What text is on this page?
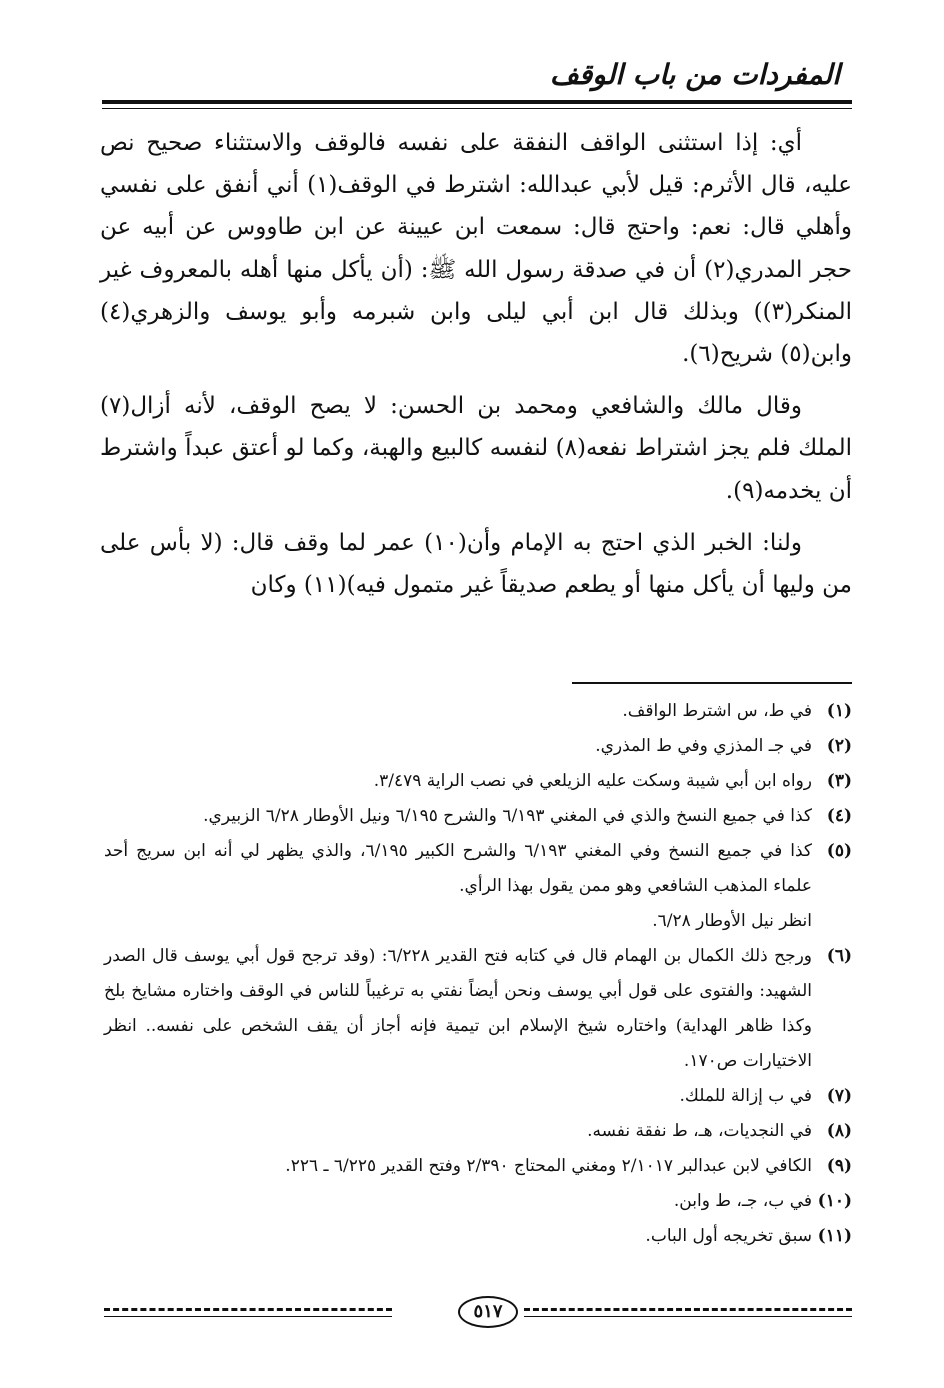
المفردات من باب الوقف

أي: إذا استثنى الواقف النفقة على نفسه فالوقف والاستثناء صحيح نص عليه، قال الأثرم: قيل لأبي عبدالله: اشترط في الوقف(١) أني أنفق على نفسي وأهلي قال: نعم: واحتج قال: سمعت ابن عيينة عن ابن طاووس عن أبيه عن حجر المدري(٢) أن في صدقة رسول الله ﷺ: (أن يأكل منها أهله بالمعروف غير المنكر(٣)) وبذلك قال ابن أبي ليلى وابن شبرمه وأبو يوسف والزهري(٤) وابن(٥) شريح(٦).

وقال مالك والشافعي ومحمد بن الحسن: لا يصح الوقف، لأنه أزال(٧) الملك فلم يجز اشتراط نفعه(٨) لنفسه كالبيع والهبة، وكما لو أعتق عبداً واشترط أن يخدمه(٩).

ولنا: الخبر الذي احتج به الإمام وأن(١٠) عمر لما وقف قال: (لا بأس على من وليها أن يأكل منها أو يطعم صديقاً غير متمول فيه)(١١) وكان

(١)
في ط، س اشترط الواقف.
(٢)
في جـ المذزي وفي ط المذري.
(٣)
رواه ابن أبي شيبة وسكت عليه الزيلعي في نصب الراية ٣/٤٧٩.
(٤)
كذا في جميع النسخ والذي في المغني ٦/١٩٣ والشرح ٦/١٩٥ ونيل الأوطار ٦/٢٨ الزبيري.
(٥)
كذا في جميع النسخ وفي المغني ٦/١٩٣ والشرح الكبير ٦/١٩٥، والذي يظهر لي أنه ابن سريج أحد علماء المذهب الشافعي وهو ممن يقول بهذا الرأي.
انظر نيل الأوطار ٦/٢٨.
(٦)
ورجح ذلك الكمال بن الهمام قال في كتابه فتح القدير ٦/٢٢٨: (وقد ترجح قول أبي يوسف قال الصدر الشهيد: والفتوى على قول أبي يوسف ونحن أيضاً نفتي به ترغيباً للناس في الوقف واختاره مشايخ بلخ وكذا ظاهر الهداية) واختاره شيخ الإسلام ابن تيمية فإنه أجاز أن يقف الشخص على نفسه.. انظر الاختيارات ص١٧٠.
(٧)
في ب إزالة للملك.
(٨)
في النجديات، هـ، ط نفقة نفسه.
(٩)
الكافي لابن عبدالبر ٢/١٠١٧ ومغني المحتاج ٢/٣٩٠ وفتح القدير ٦/٢٢٥ ـ ٢٢٦.
(١٠)
في ب، جـ، ط وابن.
(١١)
سبق تخريجه أول الباب.
٥١٧
